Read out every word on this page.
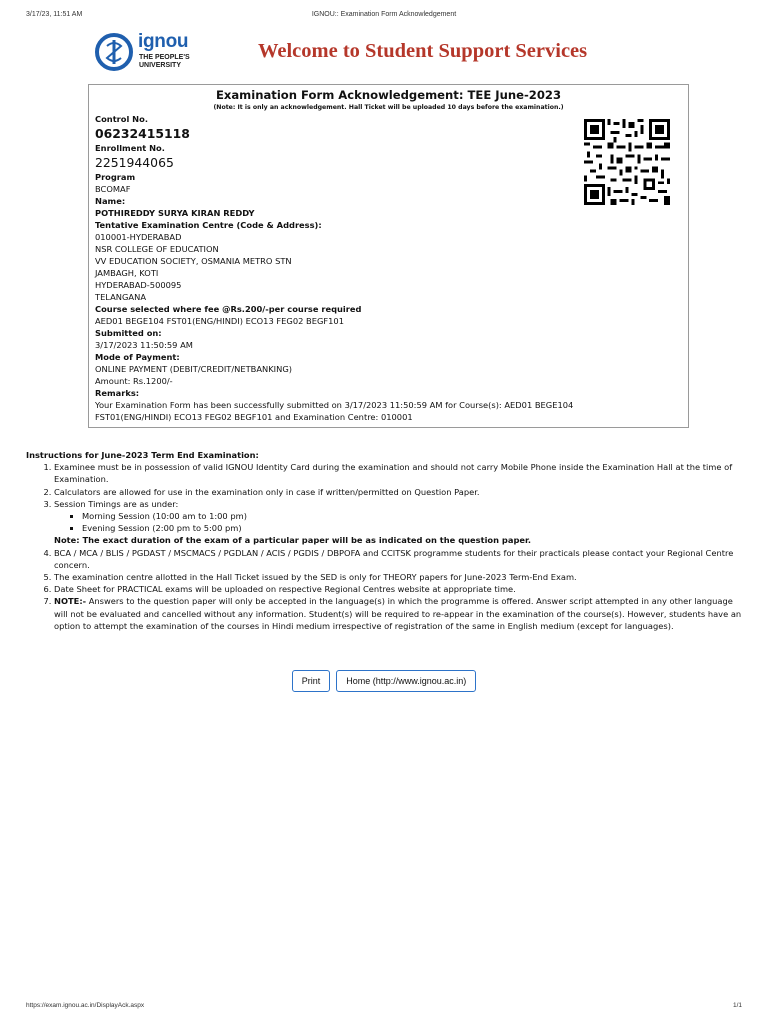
3/17/23, 11:51 AM	IGNOU:: Examination Form Acknowledgement
ignou
THE PEOPLE'S
UNIVERSITY
Welcome to Student Support Services
Examination Form Acknowledgement: TEE June-2023
(Note: It is only an acknowledgement. Hall Ticket will be uploaded 10 days before the examination.)
Control No.
06232415118
Enrollment No.
2251944065
Program
BCOMAF
Name:
POTHIREDDY SURYA KIRAN REDDY
Tentative Examination Centre (Code & Address):
010001-HYDERABAD
NSR COLLEGE OF EDUCATION
VV EDUCATION SOCIETY, OSMANIA METRO STN
JAMBAGH, KOTI
HYDERABAD-500095
TELANGANA
Course selected where fee @Rs.200/-per course required
AED01 BEGE104 FST01(ENG/HINDI) ECO13 FEG02 BEGF101
Submitted on:
3/17/2023 11:50:59 AM
Mode of Payment:
ONLINE PAYMENT (DEBIT/CREDIT/NETBANKING)
Amount: Rs.1200/-
Remarks:
Your Examination Form has been successfully submitted on 3/17/2023 11:50:59 AM for Course(s): AED01 BEGE104
FST01(ENG/HINDI) ECO13 FEG02 BEGF101 and Examination Centre: 010001
Instructions for June-2023 Term End Examination:
1. Examinee must be in possession of valid IGNOU Identity Card during the examination and should not carry Mobile Phone inside the Examination Hall at the time of Examination.
2. Calculators are allowed for use in the examination only in case if written/permitted on Question Paper.
3. Session Timings are as under:
▪ Morning Session (10:00 am to 1:00 pm)
▪ Evening Session (2:00 pm to 5:00 pm)
Note: The exact duration of the exam of a particular paper will be as indicated on the question paper.
4. BCA / MCA / BLIS / PGDAST / MSCMACS / PGDLAN / ACIS / PGDIS / DBPOFA and CCITSK programme students for their practicals please contact your Regional Centre concern.
5. The examination centre allotted in the Hall Ticket issued by the SED is only for THEORY papers for June-2023 Term-End Exam.
6. Date Sheet for PRACTICAL exams will be uploaded on respective Regional Centres website at appropriate time.
7. NOTE:- Answers to the question paper will only be accepted in the language(s) in which the programme is offered. Answer script attempted in any other language will not be evaluated and cancelled without any information. Student(s) will be required to re-appear in the examination of the course(s). However, students have an option to attempt the examination of the courses in Hindi medium irrespective of registration of the same in English medium (except for languages).
Print	Home (http://www.ignou.ac.in)
https://exam.ignou.ac.in/DisplayAck.aspx	1/1
